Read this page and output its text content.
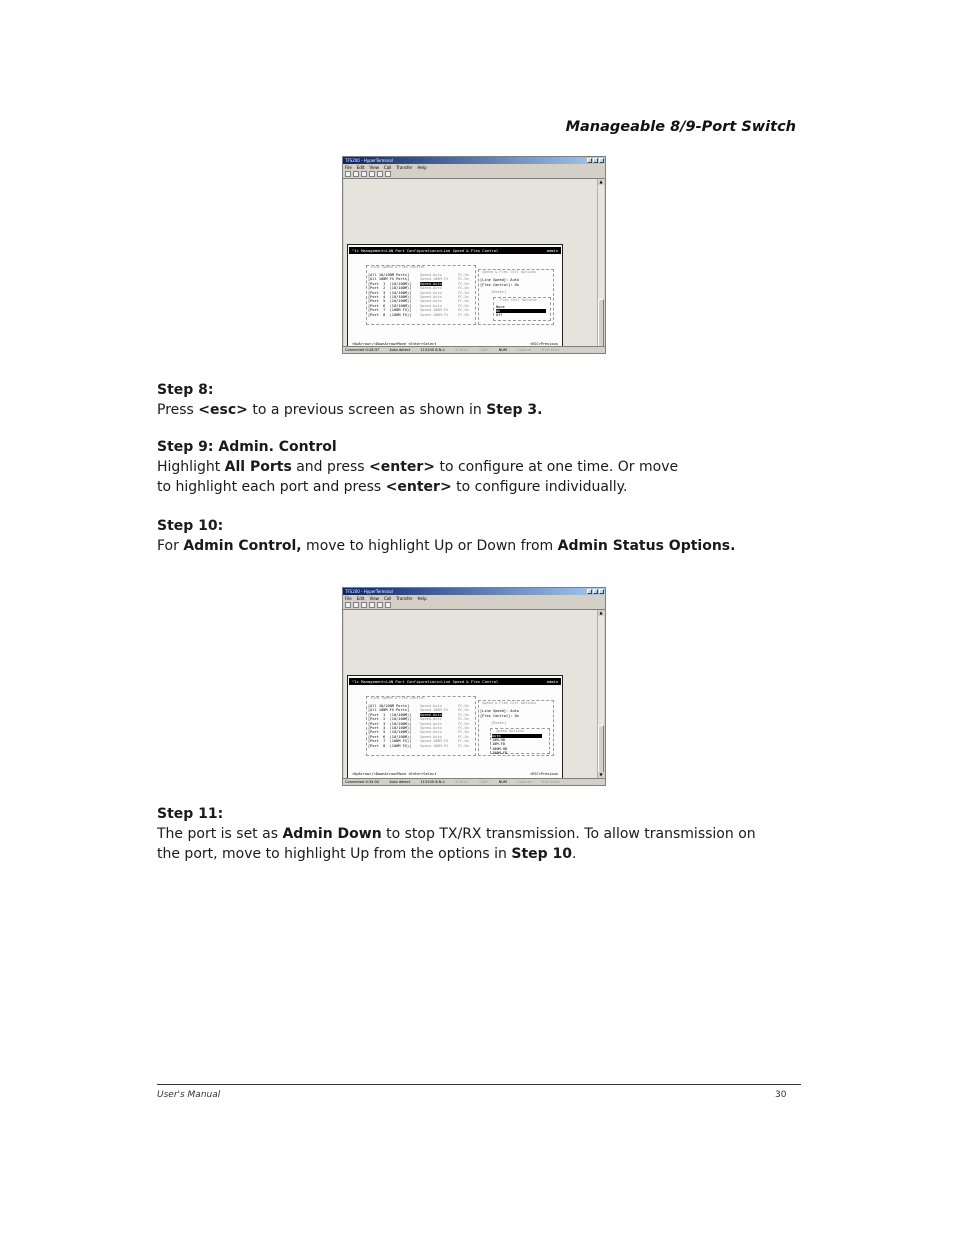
Manageable 8/9-Port Switch
TFS200 - HyperTerminal
File Edit View Call Transfer Help
▲
^Ic Management>LAN Port Configurations>Line Speed & Flex Control	admin
Line Speed & Flex Control
[All 10/100M Ports]	Speed-Auto	FC-On
[All 100M FX Ports]	Speed-100M-FX	FC-On
[Port  1  (10/100M)] Speed-Auto	FC-On
[Port  2  (10/100M)] Speed-Auto	FC-On
[Port  3  (10/100M)] Speed-Auto	FC-On
[Port  4  (10/100M)] Speed-Auto	FC-On
[Port  5  (10/100M)] Speed-Auto	FC-On
[Port  6  (10/100M)] Speed-Auto	FC-On
[Port  7  (100M FX)] Speed-100M-FX	FC-On
[Port  8  (100M FX)] Speed-100M-FX	FC-On
Speed & Flex Cntl Options
[Line Speed]: Auto
[Flex Control]: On
[Reset]
Flex Cntl Options
None
On
Off
<UpArrow>/<DownArrow>Move <Enter>Select	<ESC>Previous
Connected 0:28:37	Auto detect	115200 8-N-1	SCROLL	CAPS	NUM	Capture	Print echo

Step 8:

Press <esc> to a previous screen as shown in Step 3.

Step 9: Admin. Control

Highlight All Ports and press <enter> to configure at one time. Or move to highlight each port and press <enter> to configure individually.

Step 10:

For Admin Control, move to highlight Up or Down from Admin Status Options.

TFS200 - HyperTerminal
File Edit View Call Transfer Help
▲
▼
^Ic Management>LAN Port Configurations>Line Speed & Flex Control	admin
Line Speed & Flex Control
[All 10/100M Ports]	Speed-Auto	FC-On
[All 100M FX Ports]	Speed-100M-FX	FC-On
[Port  1  (10/100M)] Speed-Auto	FC-On
[Port  2  (10/100M)] Speed-Auto	FC-On
[Port  3  (10/100M)] Speed-Auto	FC-On
[Port  4  (10/100M)] Speed-Auto	FC-On
[Port  5  (10/100M)] Speed-Auto	FC-On
[Port  6  (10/100M)] Speed-Auto	FC-On
[Port  7  (100M FX)] Speed-100M-FX	FC-On
[Port  8  (100M FX)] Speed-100M-FX	FC-On
Speed & Flex Cntl Options
[Line Speed]: Auto
[Flex Control]: On
[Reset]
Speed Options
Auto
10M-HD
10M-FD
100M-HD
100M-FD
<UpArrow>/<DownArrow>Move <Enter>Select	<ESC>Previous
Connected 0:34:50	Auto detect	115200 8-N-1	SCROLL	CAPS	NUM	Capture	Print echo

Step 11:

The port is set as Admin Down to stop TX/RX transmission. To allow transmission on the port, move to highlight Up from the options in Step 10.

User's Manual	30
